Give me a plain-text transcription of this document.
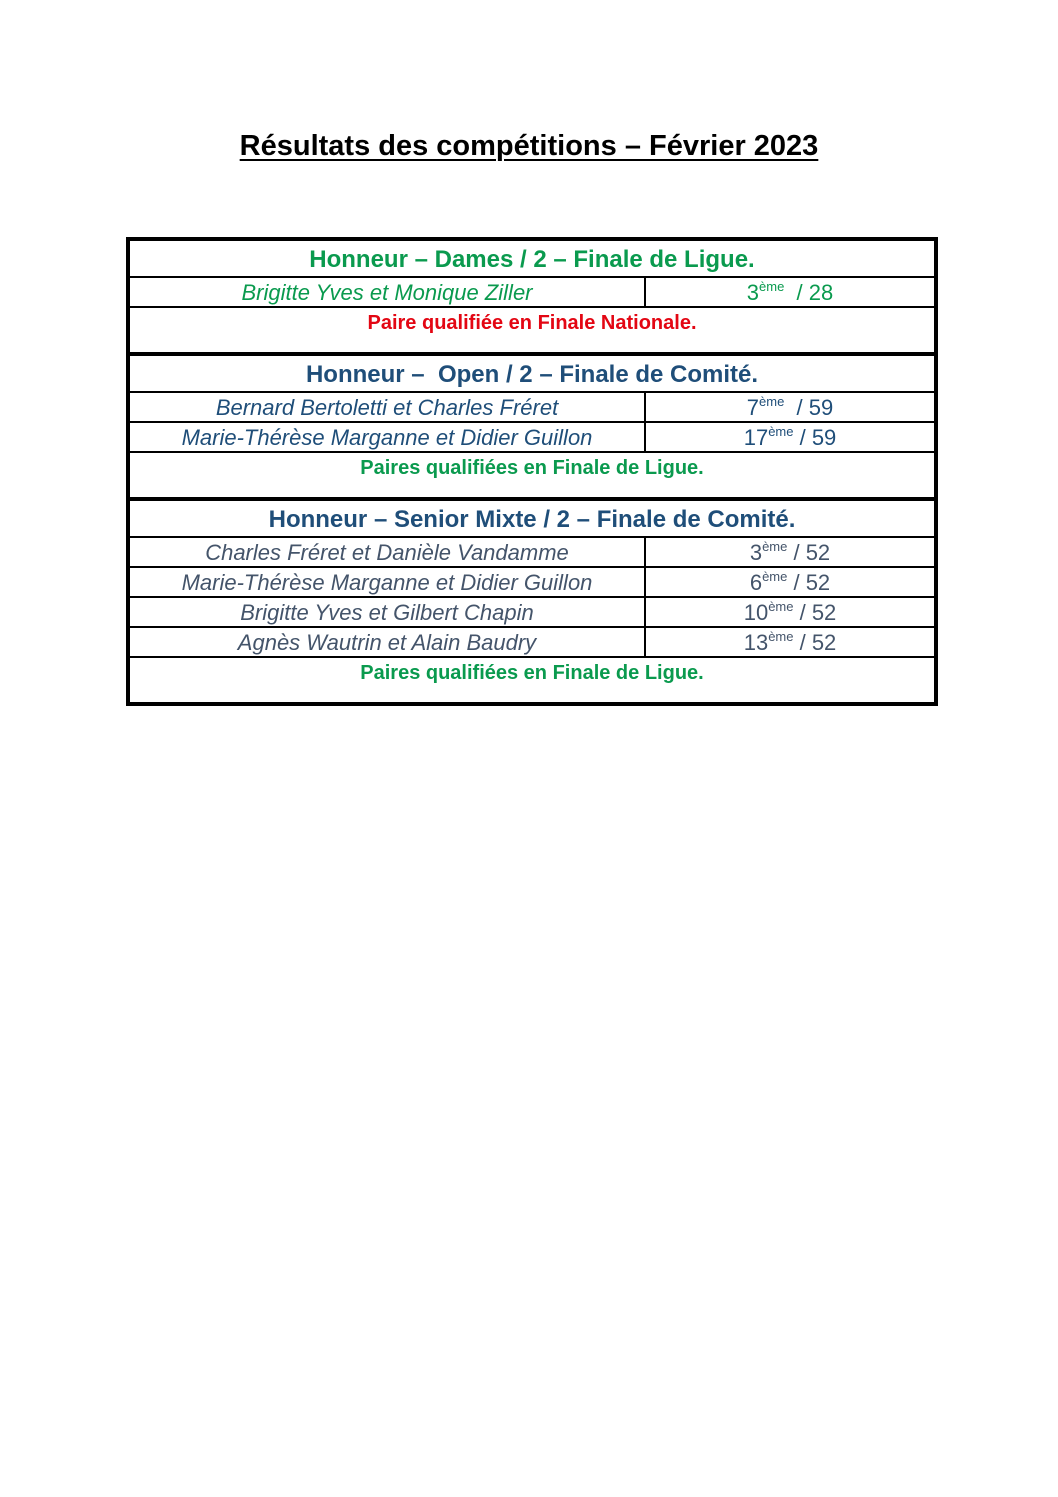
Résultats des compétitions – Février 2023
Honneur – Dames / 2 – Finale de Ligue.
Brigitte Yves et Monique Ziller	3ème  / 28
Paire qualifiée en Finale Nationale.
Honneur –  Open / 2 – Finale de Comité.
Bernard Bertoletti et Charles Fréret	7ème  / 59
Marie-Thérèse Marganne et Didier Guillon	17ème / 59
Paires qualifiées en Finale de Ligue.
Honneur – Senior Mixte / 2 – Finale de Comité.
Charles Fréret et Danièle Vandamme	3ème / 52
Marie-Thérèse Marganne et Didier Guillon	6ème / 52
Brigitte Yves et Gilbert Chapin	10ème / 52
Agnès Wautrin et Alain Baudry	13ème / 52
Paires qualifiées en Finale de Ligue.
